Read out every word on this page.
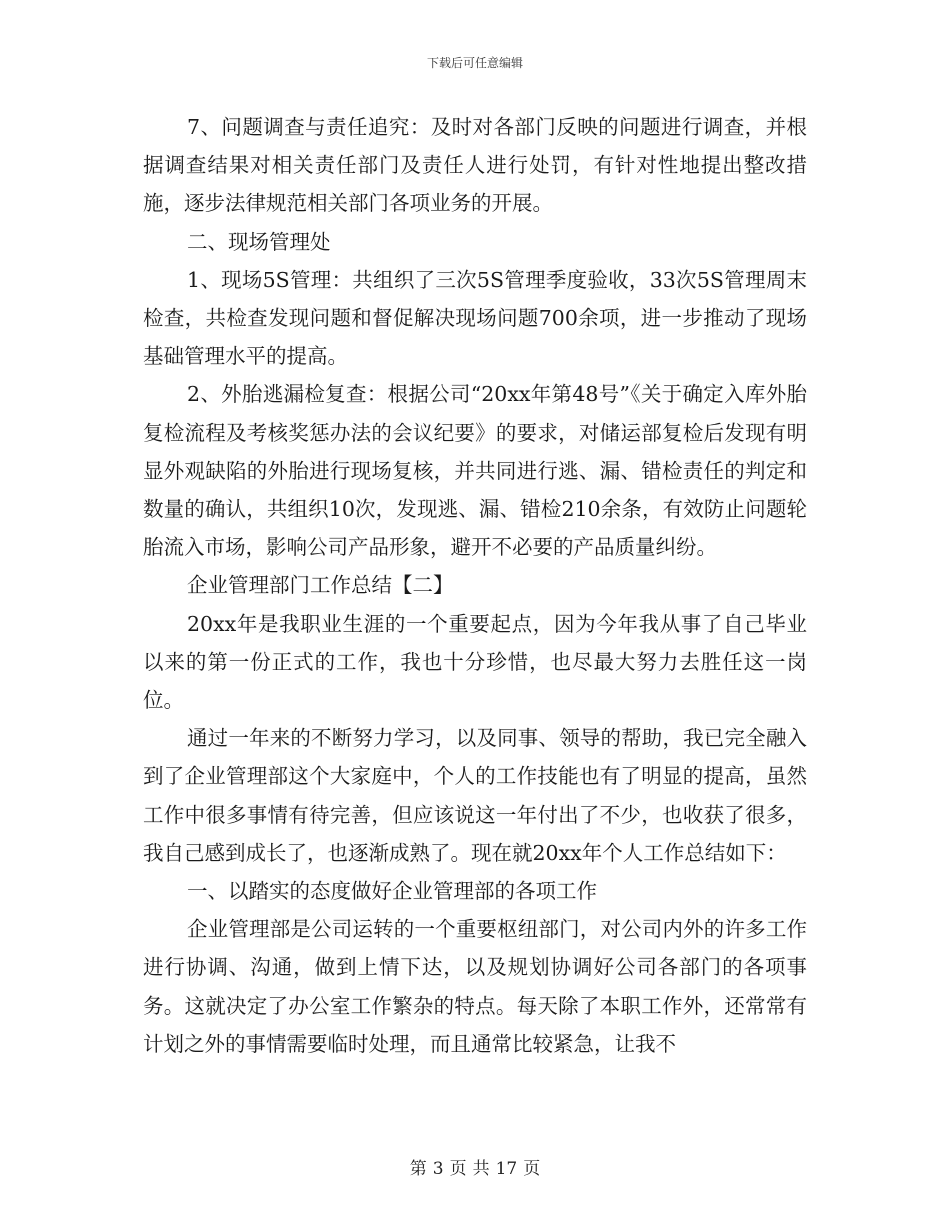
下载后可任意编辑

7、问题调查与责任追究：及时对各部门反映的问题进行调查，并根据调查结果对相关责任部门及责任人进行处罚，有针对性地提出整改措施，逐步法律规范相关部门各项业务的开展。

二、现场管理处

1、现场5S管理：共组织了三次5S管理季度验收，33次5S管理周末检查，共检查发现问题和督促解决现场问题700余项，进一步推动了现场基础管理水平的提高。

2、外胎逃漏检复查：根据公司“20xx年第48号”《关于确定入库外胎复检流程及考核奖惩办法的会议纪要》的要求，对储运部复检后发现有明显外观缺陷的外胎进行现场复核，并共同进行逃、漏、错检责任的判定和数量的确认，共组织10次，发现逃、漏、错检210余条，有效防止问题轮胎流入市场，影响公司产品形象，避开不必要的产品质量纠纷。

企业管理部门工作总结【二】

20xx年是我职业生涯的一个重要起点，因为今年我从事了自己毕业以来的第一份正式的工作，我也十分珍惜，也尽最大努力去胜任这一岗位。

通过一年来的不断努力学习，以及同事、领导的帮助，我已完全融入到了企业管理部这个大家庭中，个人的工作技能也有了明显的提高，虽然工作中很多事情有待完善，但应该说这一年付出了不少，也收获了很多，我自己感到成长了，也逐渐成熟了。现在就20xx年个人工作总结如下：

一、以踏实的态度做好企业管理部的各项工作

企业管理部是公司运转的一个重要枢纽部门，对公司内外的许多工作进行协调、沟通，做到上情下达，以及规划协调好公司各部门的各项事务。这就决定了办公室工作繁杂的特点。每天除了本职工作外，还常常有计划之外的事情需要临时处理，而且通常比较紧急，让我不

第 3 页 共 17 页
